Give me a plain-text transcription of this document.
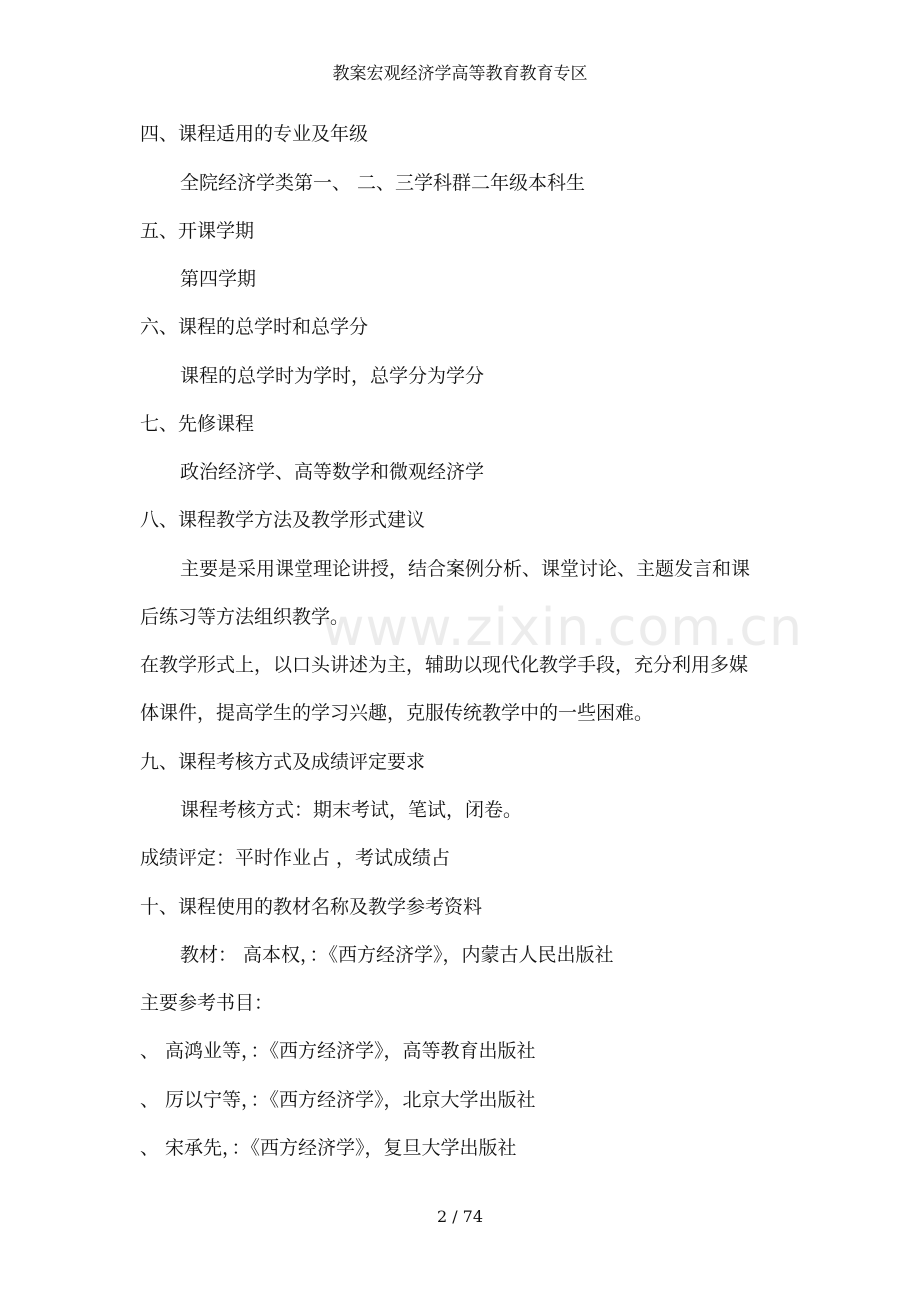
教案宏观经济学高等教育教育专区
四、课程适用的专业及年级
全院经济学类第一、 二、三学科群二年级本科生
五、开课学期
第四学期
六、课程的总学时和总学分
课程的总学时为学时，总学分为学分
七、先修课程
政治经济学、高等数学和微观经济学
八、课程教学方法及教学形式建议
主要是采用课堂理论讲授，结合案例分析、课堂讨论、主题发言和课
后练习等方法组织教学。
在教学形式上，以口头讲述为主，辅助以现代化教学手段，充分利用多媒
体课件，提高学生的学习兴趣，克服传统教学中的一些困难。
九、课程考核方式及成绩评定要求
课程考核方式：期末考试，笔试，闭卷。
成绩评定：平时作业占 ，考试成绩占
十、课程使用的教材名称及教学参考资料
教材： 高本权，：《西方经济学》，内蒙古人民出版社
主要参考书目：
、 高鸿业等，：《西方经济学》，高等教育出版社
、 厉以宁等，：《西方经济学》，北京大学出版社
、 宋承先，：《西方经济学》，复旦大学出版社
www.zixin.com.cn
2 / 74
